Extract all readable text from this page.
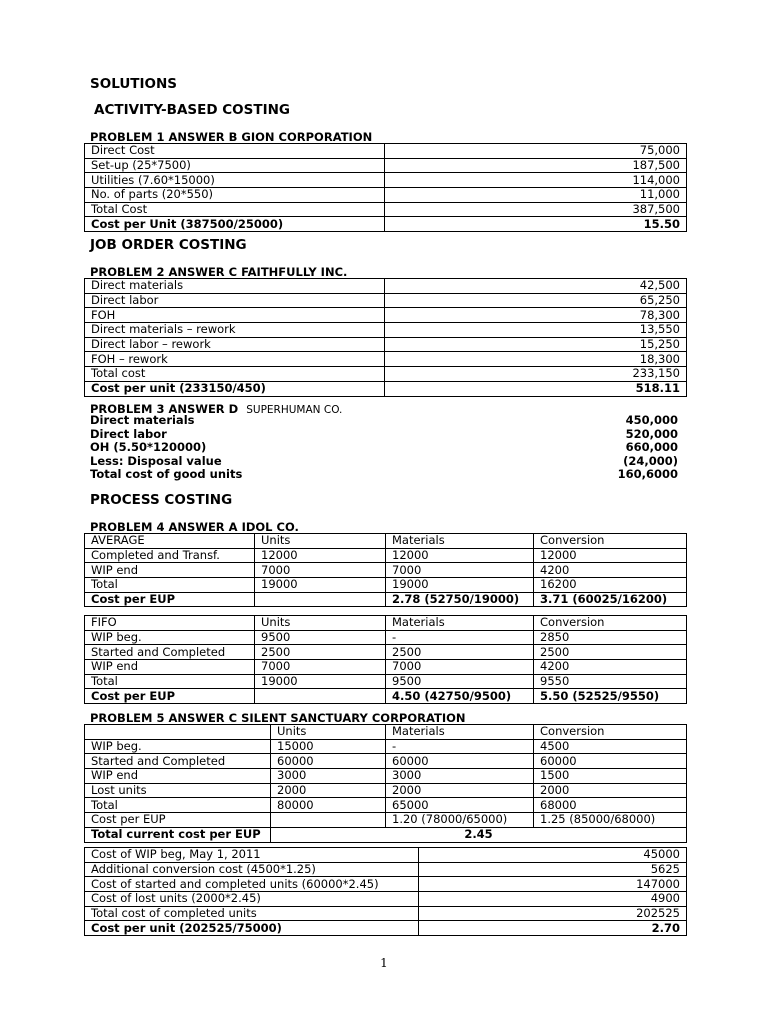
SOLUTIONS
ACTIVITY-BASED COSTING
PROBLEM 1 ANSWER B GION CORPORATION
Direct Cost	75,000
Set-up (25*7500)	187,500
Utilities (7.60*15000)	114,000
No. of parts (20*550)	11,000
Total Cost	387,500
Cost per Unit (387500/25000)	15.50
JOB ORDER COSTING
PROBLEM 2 ANSWER C FAITHFULLY INC.
Direct materials	42,500
Direct labor	65,250
FOH	78,300
Direct materials – rework	13,550
Direct labor – rework	15,250
FOH – rework	18,300
Total cost	233,150
Cost per unit (233150/450)	518.11
PROBLEM 3 ANSWER D SUPERHUMAN CO.
Direct materials	450,000
Direct labor	520,000
OH (5.50*120000)	660,000
Less: Disposal value	(24,000)
Total cost of good units	160,6000
PROCESS COSTING
PROBLEM 4 ANSWER A IDOL CO.
AVERAGE	Units	Materials	Conversion
Completed and Transf.	12000	12000	12000
WIP end	7000	7000	4200
Total	19000	19000	16200
Cost per EUP		2.78 (52750/19000)	3.71 (60025/16200)
FIFO	Units	Materials	Conversion
WIP beg.	9500	-	2850
Started and Completed	2500	2500	2500
WIP end	7000	7000	4200
Total	19000	9500	9550
Cost per EUP		4.50 (42750/9500)	5.50 (52525/9550)
PROBLEM 5 ANSWER C SILENT SANCTUARY CORPORATION
	Units	Materials	Conversion
WIP beg.	15000	-	4500
Started and Completed	60000	60000	60000
WIP end	3000	3000	1500
Lost units	2000	2000	2000
Total	80000	65000	68000
Cost per EUP		1.20 (78000/65000)	1.25 (85000/68000)
Total current cost per EUP	2.45		
Cost of WIP beg, May 1, 2011	45000
Additional conversion cost (4500*1.25)	5625
Cost of started and completed units (60000*2.45)	147000
Cost of lost units (2000*2.45)	4900
Total cost of completed units	202525
Cost per unit (202525/75000)	2.70
1
